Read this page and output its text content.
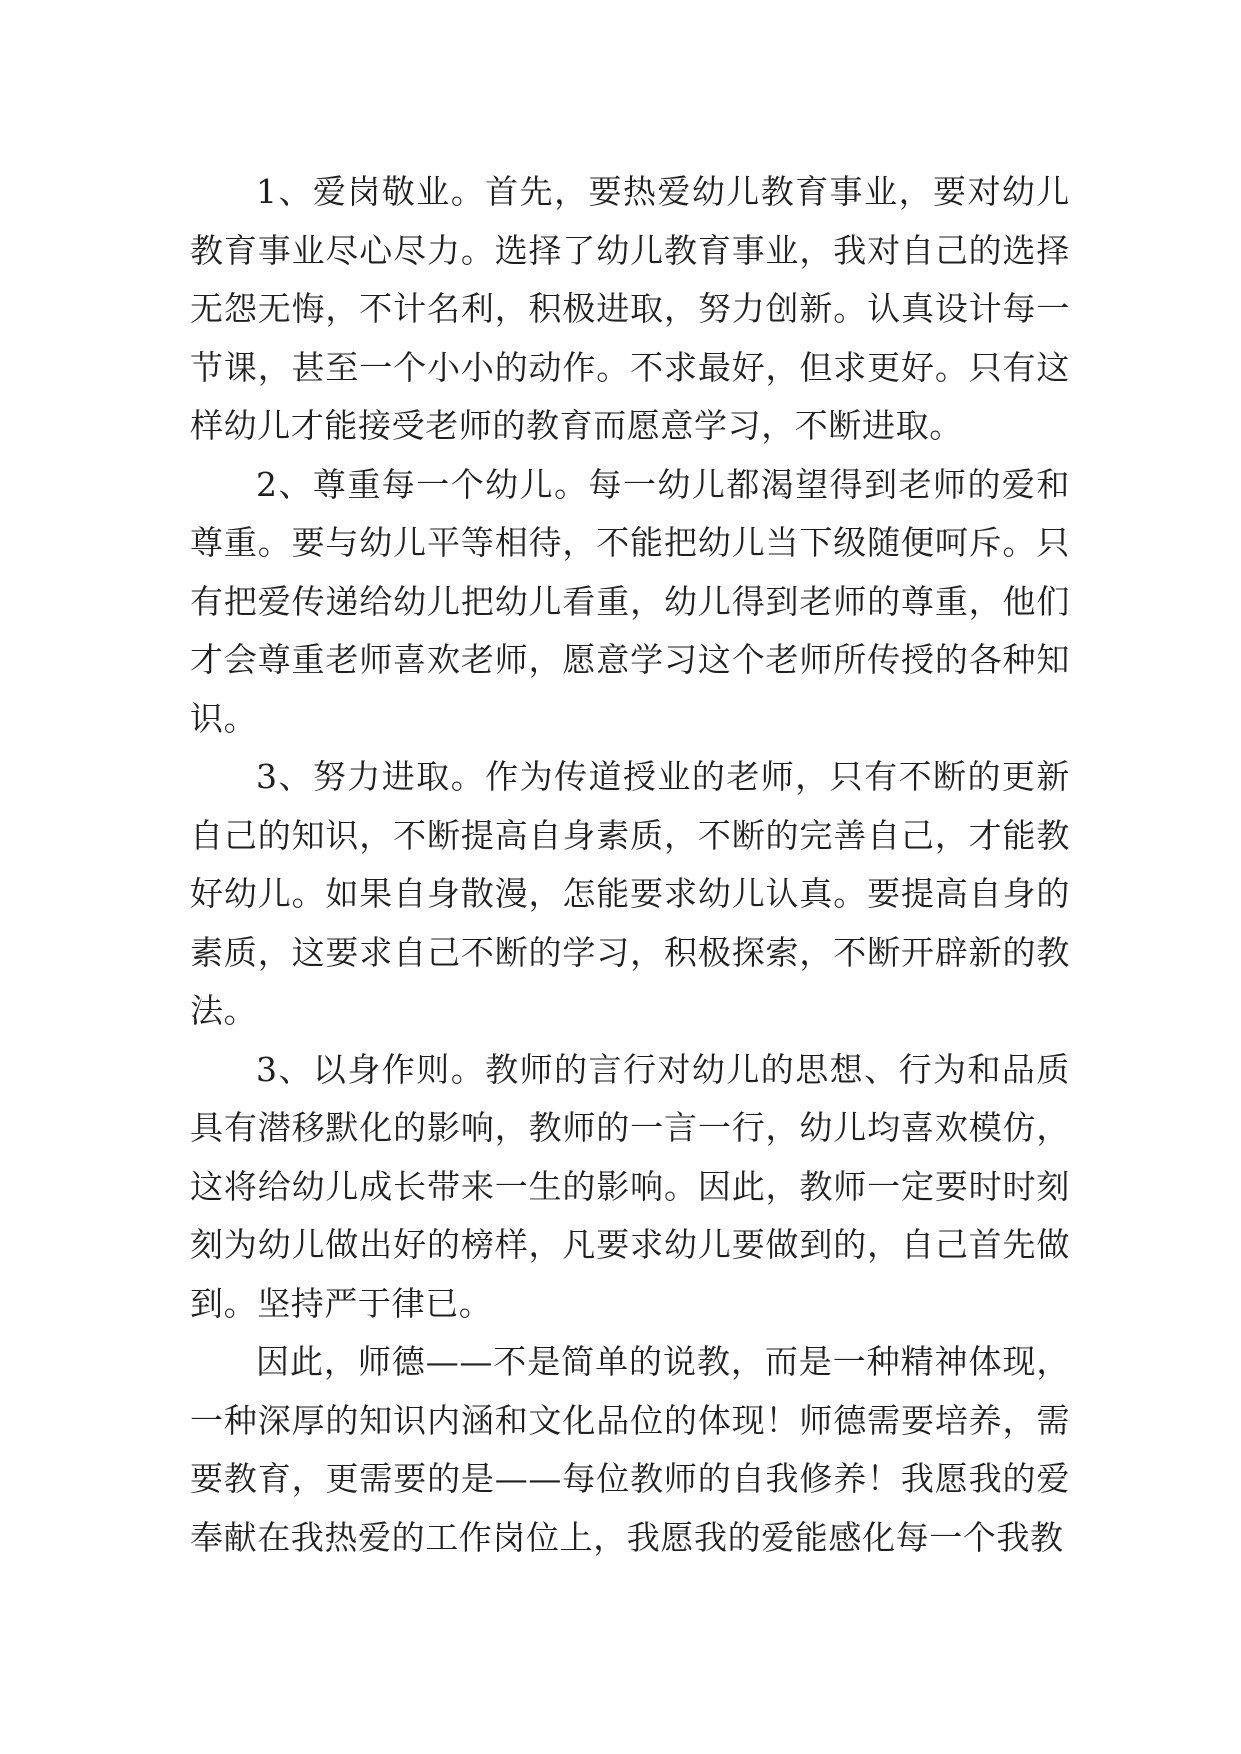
1、爱岗敬业。首先，要热爱幼儿教育事业，要对幼儿教育事业尽心尽力。选择了幼儿教育事业，我对自己的选择无怨无悔，不计名利，积极进取，努力创新。认真设计每一节课，甚至一个小小的动作。不求最好，但求更好。只有这样幼儿才能接受老师的教育而愿意学习，不断进取。

2、尊重每一个幼儿。每一幼儿都渴望得到老师的爱和尊重。要与幼儿平等相待，不能把幼儿当下级随便呵斥。只有把爱传递给幼儿把幼儿看重，幼儿得到老师的尊重，他们才会尊重老师喜欢老师，愿意学习这个老师所传授的各种知识。

3、努力进取。作为传道授业的老师，只有不断的更新自己的知识，不断提高自身素质，不断的完善自己，才能教好幼儿。如果自身散漫，怎能要求幼儿认真。要提高自身的素质，这要求自己不断的学习，积极探索，不断开辟新的教法。

3、以身作则。教师的言行对幼儿的思想、行为和品质具有潜移默化的影响，教师的一言一行，幼儿均喜欢模仿，这将给幼儿成长带来一生的影响。因此，教师一定要时时刻刻为幼儿做出好的榜样，凡要求幼儿要做到的，自己首先做到。坚持严于律已。

因此，师德——不是简单的说教，而是一种精神体现，一种深厚的知识内涵和文化品位的体现！师德需要培养，需要教育，更需要的是——每位教师的自我修养！我愿我的爱奉献在我热爱的工作岗位上，我愿我的爱能感化每一个我教
